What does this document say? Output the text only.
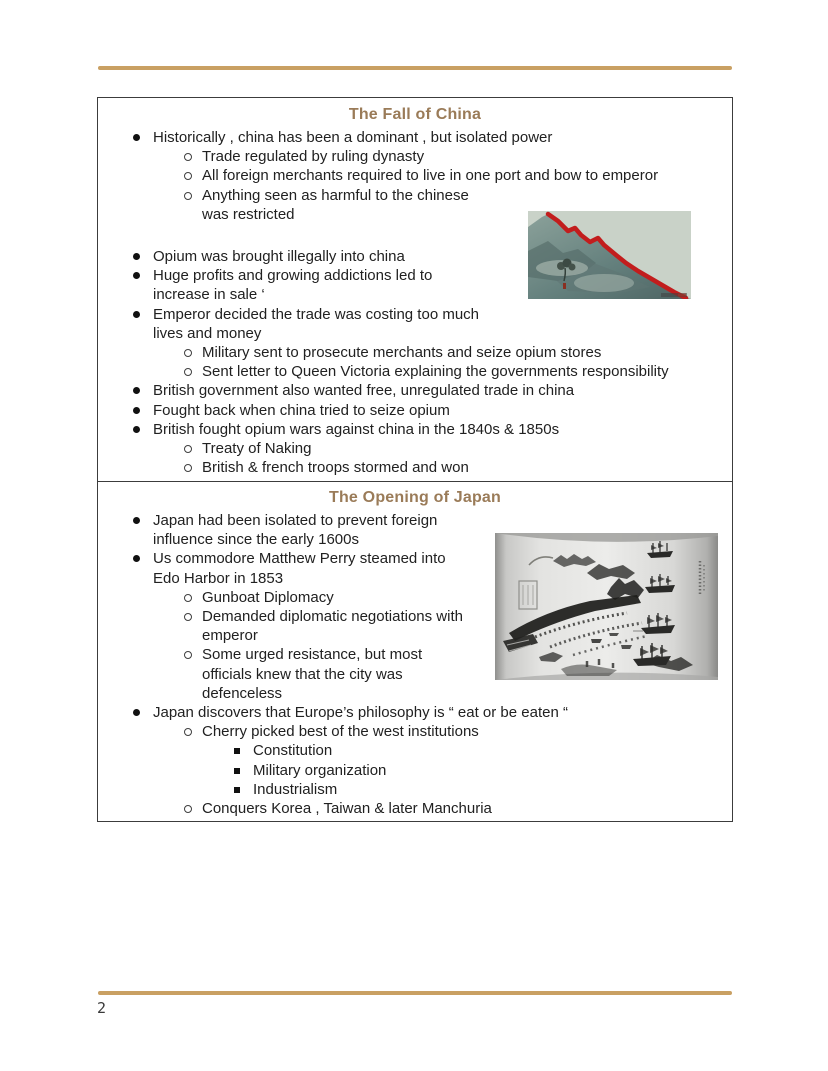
The Fall of China
Historically , china has been a dominant , but isolated power
Trade regulated by ruling dynasty
All foreign merchants required to live in one port and bow to emperor
Anything seen as harmful to the chinese
was restricted
Opium was brought illegally into china
Huge profits and growing addictions led to
increase in sale ‘
Emperor decided the trade was costing too much
lives and money
Military sent to prosecute merchants and seize opium stores
Sent letter to Queen Victoria explaining the governments responsibility
British government also wanted free, unregulated trade in china
Fought back when china tried to seize opium
British fought opium wars against china in the 1840s & 1850s
Treaty of Naking
British & french troops stormed and won
The Opening of Japan
Japan had been isolated to prevent foreign
influence since the early 1600s
Us commodore Matthew Perry steamed into
Edo Harbor in 1853
Gunboat Diplomacy
Demanded diplomatic negotiations with
emperor
Some urged resistance, but most
officials knew that the city was
defenceless
Japan discovers that Europe’s philosophy is “ eat or be eaten “
Cherry picked best of the west institutions
Constitution
Military organization
Industrialism
Conquers Korea , Taiwan & later Manchuria
2
